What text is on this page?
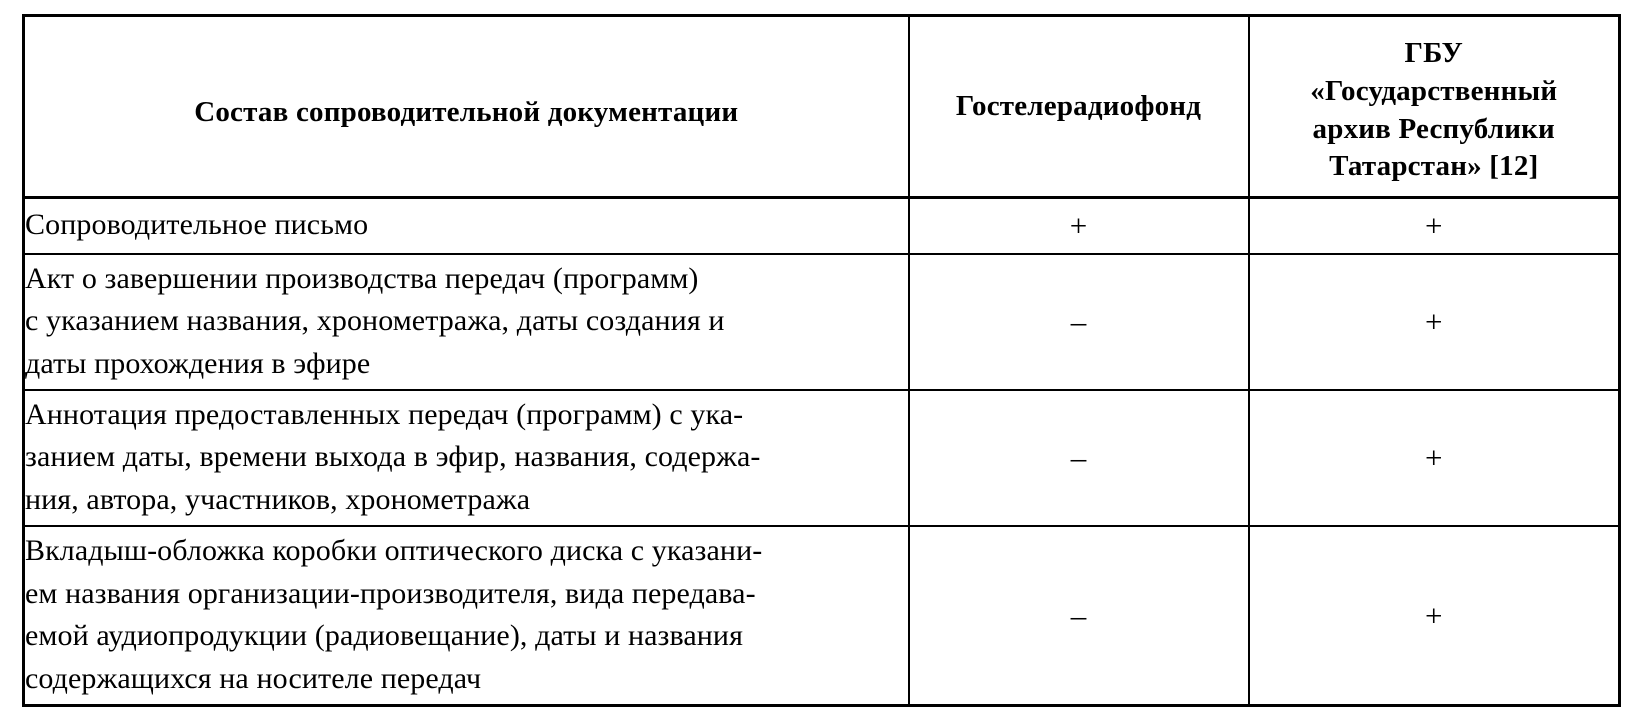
Состав сопроводительной документации	Гостелерадиофонд	ГБУ
«Государственный
архив Республики
Татарстан» [12]

Сопроводительное письмо	+	+

Акт о завершении производства передач (программ)
с указанием названия, хронометража, даты создания и
даты прохождения в эфире	–	+

Аннотация предоставленных передач (программ) с ука-
занием даты, времени выхода в эфир, названия, содержа-
ния, автора, участников, хронометража	–	+

Вкладыш-обложка коробки оптического диска с указани-
ем названия организации-производителя, вида передава-
емой аудиопродукции (радиовещание), даты и названия
содержащихся на носителе передач	–	+
